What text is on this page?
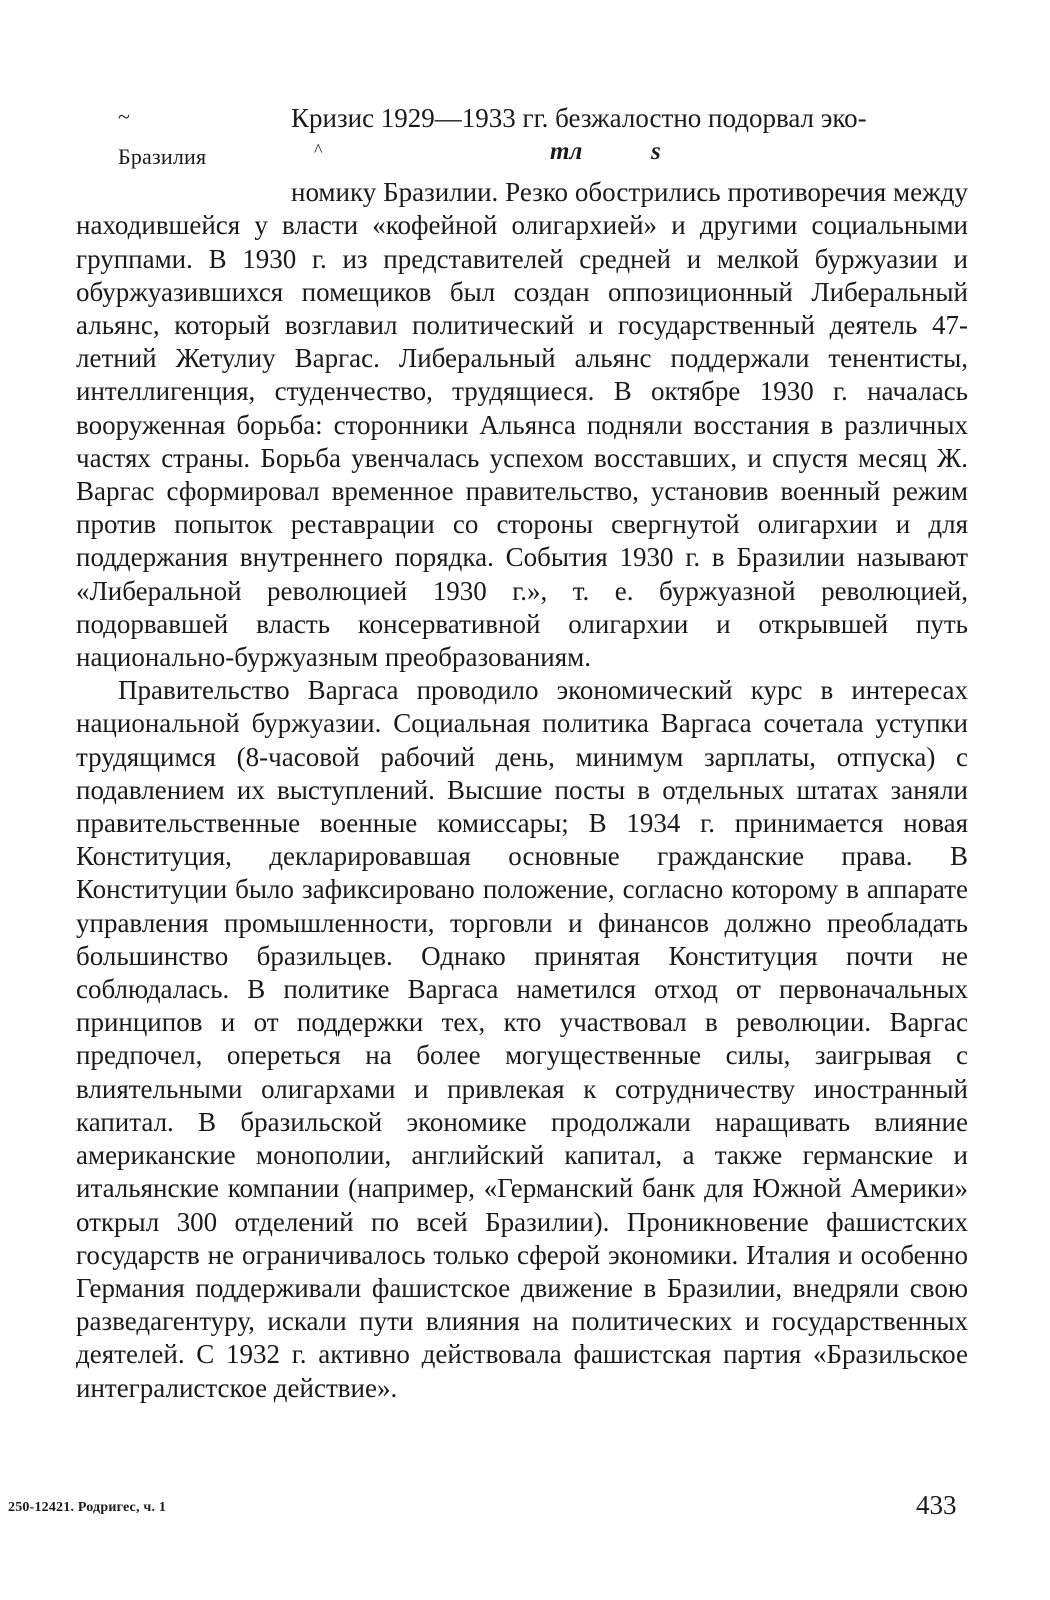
~
Бразилия	^	тл	s

Кризис 1929—1933 гг. безжалостно подорвал эко-

номику Бразилии. Резко обострились противоречия между находившейся у власти «кофейной олигархией» и другими социальными группами. В 1930 г. из представителей средней и мелкой буржуазии и обуржуазившихся помещиков был создан оппозиционный Либеральный альянс, который возглавил политический и государственный деятель 47-летний Жетулиу Варгас. Либеральный альянс поддержали тенентисты, интеллигенция, студенчество, трудящиеся. В октябре 1930 г. началась вооруженная борьба: сторонники Альянса подняли восстания в различных частях страны. Борьба увенчалась успехом восставших, и спустя месяц Ж. Варгас сформировал временное правительство, установив военный режим против попыток реставрации со стороны свергнутой олигархии и для поддержания внутреннего порядка. События 1930 г. в Бразилии называют «Либеральной революцией 1930 г.», т. е. буржуазной революцией, подорвавшей власть консервативной олигархии и открывшей путь национально-буржуазным преобразованиям.

Правительство Варгаса проводило экономический курс в интересах национальной буржуазии. Социальная политика Варгаса сочетала уступки трудящимся (8-часовой рабочий день, минимум зарплаты, отпуска) с подавлением их выступлений. Высшие посты в отдельных штатах заняли правительственные военные комиссары; В 1934 г. принимается новая Конституция, декларировавшая основные гражданские права. В Конституции было зафиксировано положение, согласно которому в аппарате управления промышленности, торговли и финансов должно преобладать большинство бразильцев. Однако принятая Конституция почти не соблюдалась. В политике Варгаса наметился отход от первоначальных принципов и от поддержки тех, кто участвовал в революции. Варгас предпочел, опереться на более могущественные силы, заигрывая с влиятельными олигархами и привлекая к сотрудничеству иностранный капитал. В бразильской экономике продолжали наращивать влияние американские монополии, английский капитал, а также германские и итальянские компании (например, «Германский банк для Южной Америки» открыл 300 отделений по всей Бразилии). Проникновение фашистских государств не ограничивалось только сферой экономики. Италия и особенно Германия поддерживали фашистское движение в Бразилии, внедряли свою разведагентуру, искали пути влияния на политических и государственных деятелей. С 1932 г. активно действовала фашистская партия «Бразильское интегралистское действие».

250-12421. Родригес, ч. 1	433
